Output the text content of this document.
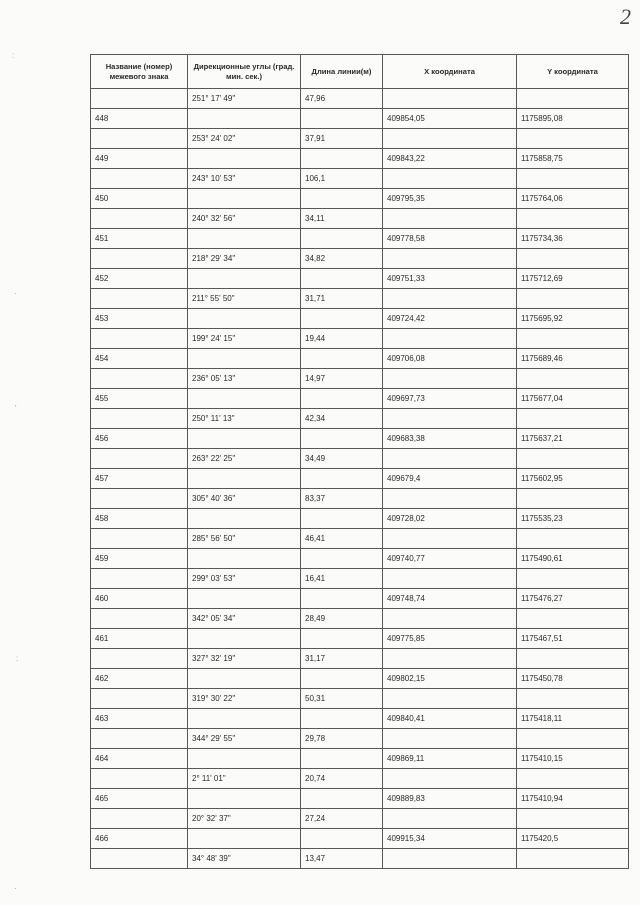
2
:
·
'
:
·
Название (номер) межевого знака	Дирекционные углы (град. мин. сек.)	Длина линии(м)	X координата	Y координата

	251° 17' 49"	47,96		
448			409854,05	1175895,08
	253° 24' 02"	37,91		
449			409843,22	1175858,75
	243° 10' 53"	106,1		
450			409795,35	1175764,06
	240° 32' 56"	34,11		
451			409778,58	1175734,36
	218° 29' 34"	34,82		
452			409751,33	1175712,69
	211° 55' 50"	31,71		
453			409724,42	1175695,92
	199° 24' 15"	19,44		
454			409706,08	1175689,46
	236° 05' 13"	14,97		
455			409697,73	1175677,04
	250° 11' 13"	42,34		
456			409683,38	1175637,21
	263° 22' 25"	34,49		
457			409679,4	1175602,95
	305° 40' 36"	83,37		
458			409728,02	1175535,23
	285° 56' 50"	46,41		
459			409740,77	1175490,61
	299° 03' 53"	16,41		
460			409748,74	1175476,27
	342° 05' 34"	28,49		
461			409775,85	1175467,51
	327° 32' 19"	31,17		
462			409802,15	1175450,78
	319° 30' 22"	50,31		
463			409840,41	1175418,11
	344° 29' 55"	29,78		
464			409869,11	1175410,15
	2° 11' 01"	20,74		
465			409889,83	1175410,94
	20° 32' 37"	27,24		
466			409915,34	1175420,5
	34° 48' 39"	13,47		
